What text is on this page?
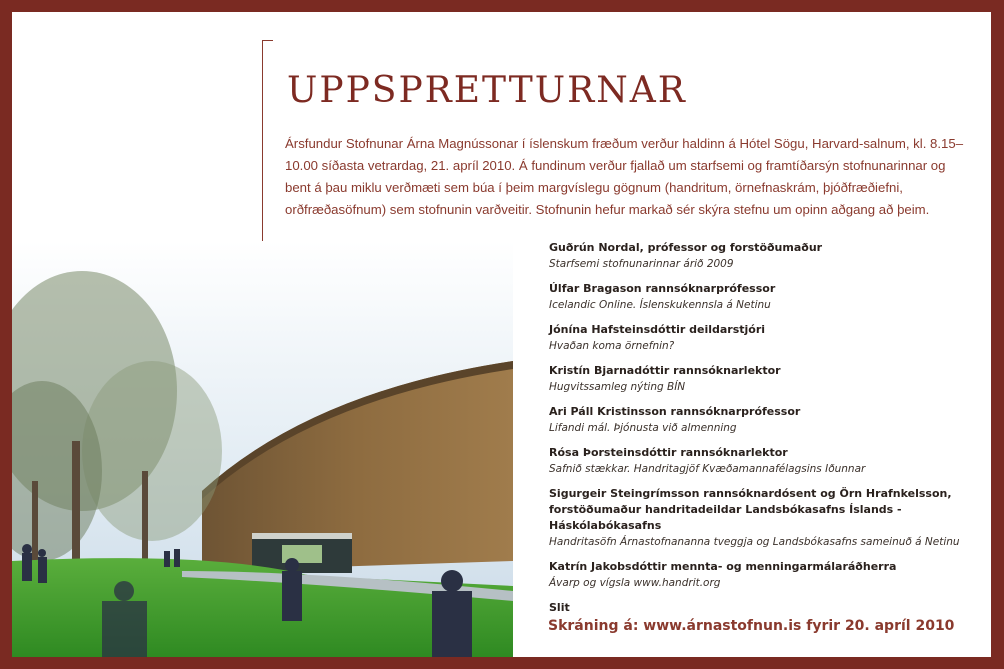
UPPSPRETTURNAR

Ársfundur Stofnunar Árna Magnússonar í íslenskum fræðum verður haldinn á Hótel Sögu, Harvard-salnum, kl. 8.15–10.00 síðasta vetrardag, 21. apríl 2010. Á fundinum verður fjallað um starfsemi og framtíðarsýn stofnunarinnar og bent á þau miklu verðmæti sem búa í þeim margvíslegu gögnum (handritum, örnefnaskrám, þjóðfræðiefni, orðfræðasöfnum) sem stofnunin varðveitir. Stofnunin hefur markað sér skýra stefnu um opinn aðgang að þeim.

Guðrún Nordal, prófessor og forstöðumaður
Starfsemi stofnunarinnar árið 2009
Úlfar Bragason rannsóknarprófessor
Icelandic Online. Íslenskukennsla á Netinu
Jónína Hafsteinsdóttir deildarstjóri
Hvaðan koma örnefnin?
Kristín Bjarnadóttir rannsóknarlektor
Hugvitssamleg nýting BÍN
Ari Páll Kristinsson rannsóknarprófessor
Lifandi mál. Þjónusta við almenning
Rósa Þorsteinsdóttir rannsóknarlektor
Safnið stækkar. Handritagjöf Kvæðamannafélagsins Iðunnar
Sigurgeir Steingrímsson rannsóknardósent og Örn Hrafnkelsson, forstöðumaður handritadeildar Landsbókasafns Íslands - Háskólabókasafns
Handritasöfn Árnastofnananna tveggja og Landsbókasafns sameinuð á Netinu
Katrín Jakobsdóttir mennta- og menningarmálaráðherra
Ávarp og vígsla www.handrit.org
Slit

Skráning á: www.árnastofnun.is fyrir 20. apríl 2010
